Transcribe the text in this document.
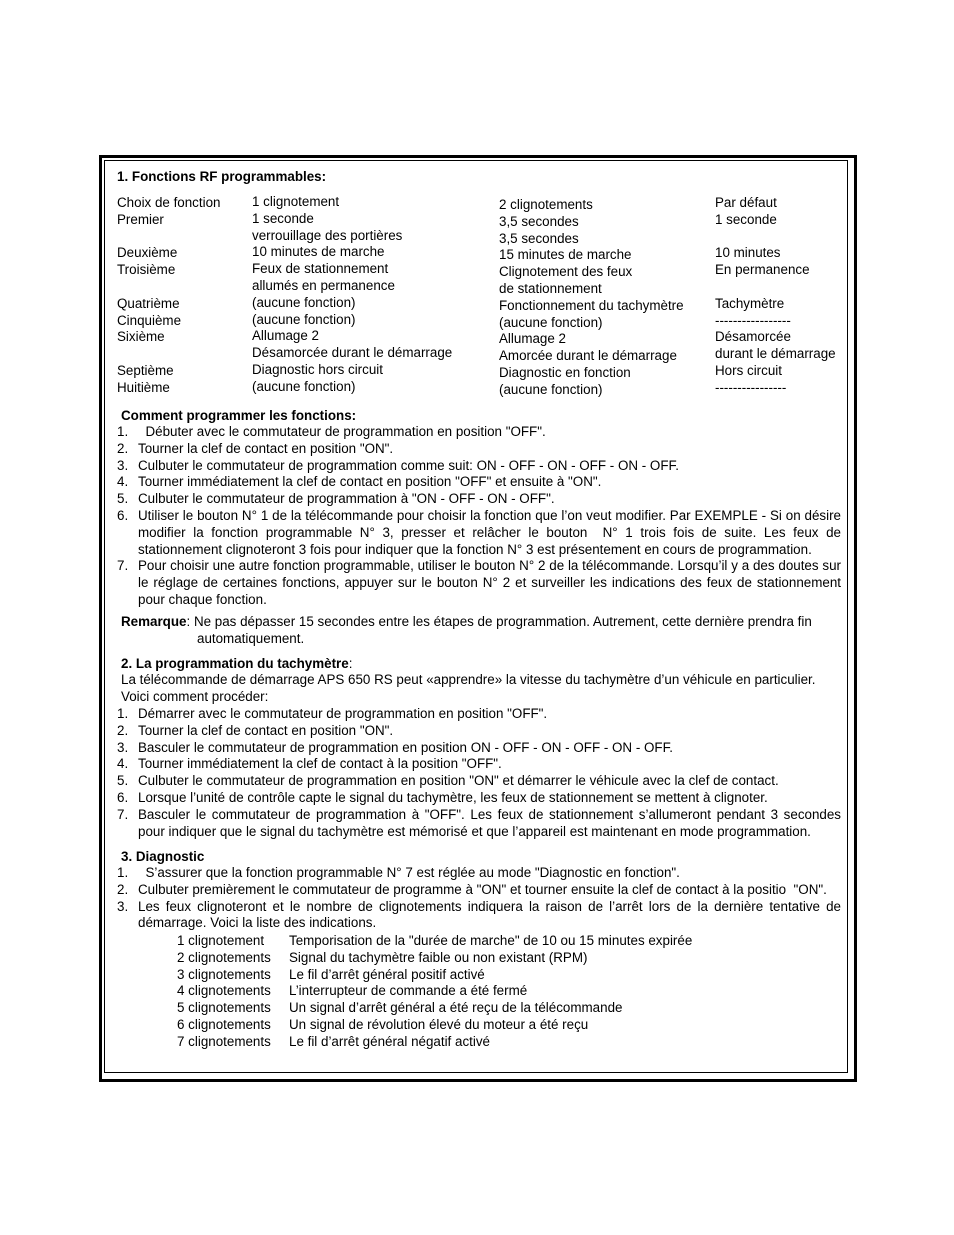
1. Fonctions RF programmables:
Choix de fonction
Premier
Deuxième
Troisième
Quatrième
Cinquième
Sixième
Septième
Huitième
1 clignotement
1 seconde
verrouillage des portières
10 minutes de marche
Feux de stationnement
allumés en permanence
(aucune fonction)
(aucune fonction)
Allumage 2
Désamorcée durant le démarrage
Diagnostic hors circuit
(aucune fonction)
2 clignotements
3,5 secondes
3,5 secondes
15 minutes de marche
Clignotement des feux
de stationnement
Fonctionnement du tachymètre
(aucune fonction)
Allumage 2
Amorcée durant le démarrage
Diagnostic en fonction
(aucune fonction)
Par défaut
1 seconde
10 minutes
En permanence
Tachymètre
-----------------
Désamorcée
durant le démarrage
Hors circuit
----------------
Comment programmer les fonctions:
1. Débuter avec le commutateur de programmation en position "OFF".
2. Tourner la clef de contact en position "ON".
3. Culbuter le commutateur de programmation comme suit: ON - OFF - ON - OFF - ON - OFF.
4. Tourner immédiatement la clef de contact en position "OFF" et ensuite à "ON".
5. Culbuter le commutateur de programmation à "ON - OFF - ON - OFF".
6. Utiliser le bouton N° 1 de la télécommande pour choisir la fonction que l’on veut modifier. Par EXEMPLE - Si on désire modifier la fonction programmable N° 3, presser et relâcher le bouton  N° 1 trois fois de suite. Les feux de stationnement clignoteront 3 fois pour indiquer que la fonction N° 3 est présentement en cours de programmation.
7. Pour choisir une autre fonction programmable, utiliser le bouton N° 2 de la télécommande. Lorsqu’il y a des doutes sur le réglage de certaines fonctions, appuyer sur le bouton N° 2 et surveiller les indications des feux de stationnement pour chaque fonction.
Remarque: Ne pas dépasser 15 secondes entre les étapes de programmation. Autrement, cette dernière prendra fin
automatiquement.
2. La programmation du tachymètre:
La télécommande de démarrage APS 650 RS peut «apprendre» la vitesse du tachymètre d’un véhicule en particulier.
Voici comment procéder:
1. Démarrer avec le commutateur de programmation en position "OFF".
2. Tourner la clef de contact en position "ON".
3. Basculer le commutateur de programmation en position ON - OFF - ON - OFF - ON - OFF.
4. Tourner immédiatement la clef de contact à la position "OFF".
5. Culbuter le commutateur de programmation en position "ON" et démarrer le véhicule avec la clef de contact.
6. Lorsque l’unité de contrôle capte le signal du tachymètre, les feux de stationnement se mettent à clignoter.
7. Basculer le commutateur de programmation à "OFF". Les feux de stationnement s’allumeront pendant 3 secondes pour indiquer que le signal du tachymètre est mémorisé et que l’appareil est maintenant en mode programmation.
3. Diagnostic
1. S’assurer que la fonction programmable N° 7 est réglée au mode "Diagnostic en fonction".
2. Culbuter premièrement le commutateur de programme à "ON" et tourner ensuite la clef de contact à la positio  "ON".
3. Les feux clignoteront et le nombre de clignotements indiquera la raison de l’arrêt lors de la dernière tentative de démarrage. Voici la liste des indications.
1 clignotement Temporisation de la "durée de marche" de 10 ou 15 minutes expirée
2 clignotements Signal du tachymètre faible ou non existant (RPM)
3 clignotements Le fil d’arrêt général positif activé
4 clignotements L’interrupteur de commande a été fermé
5 clignotements Un signal d’arrêt général a été reçu de la télécommande
6 clignotements Un signal de révolution élevé du moteur a été reçu
7 clignotements Le fil d’arrêt général négatif activé
